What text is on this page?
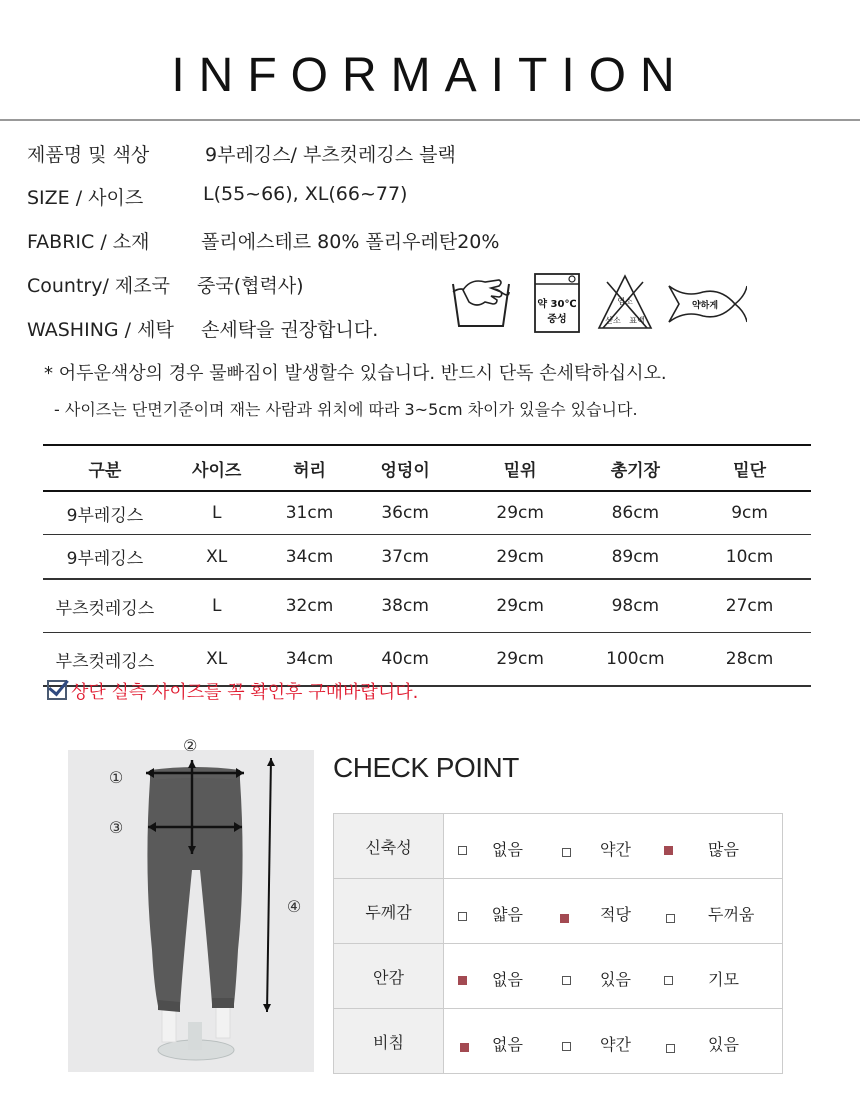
INFORMAITION
제품명 및 색상	9부레깅스/ 부츠컷레깅스 블랙
SIZE / 사이즈	L(55~66), XL(66~77)
FABRIC / 소재	폴리에스테르 80% 폴리우레탄20%
Country/ 제조국 중국(협력사)
WASHING / 세탁 손세탁을 권장합니다.
약 30℃
중성
염소
산소 표백
약하게
* 어두운색상의 경우 물빠짐이 발생할수 있습니다. 반드시 단독 손세탁하십시오.
- 사이즈는 단면기준이며 재는 사람과 위치에 따라 3~5cm 차이가 있을수 있습니다.
구분	사이즈	허리	엉덩이	밑위	총기장	밑단
9부레깅스	L	31cm	36cm	29cm	86cm	9cm
9부레깅스	XL	34cm	37cm	29cm	89cm	10cm
부츠컷레깅스	L	32cm	38cm	29cm	98cm	27cm
부츠컷레깅스	XL	34cm	40cm	29cm	100cm	28cm
상단 실측 사이즈를 꼭 확인후 구매바랍니다.
①
③
④
②
CHECK POINT
신축성	없음 약간 많음

두께감	얇음 적당 두꺼움

안감	없음 있음 기모

비침	없음 약간 있음
